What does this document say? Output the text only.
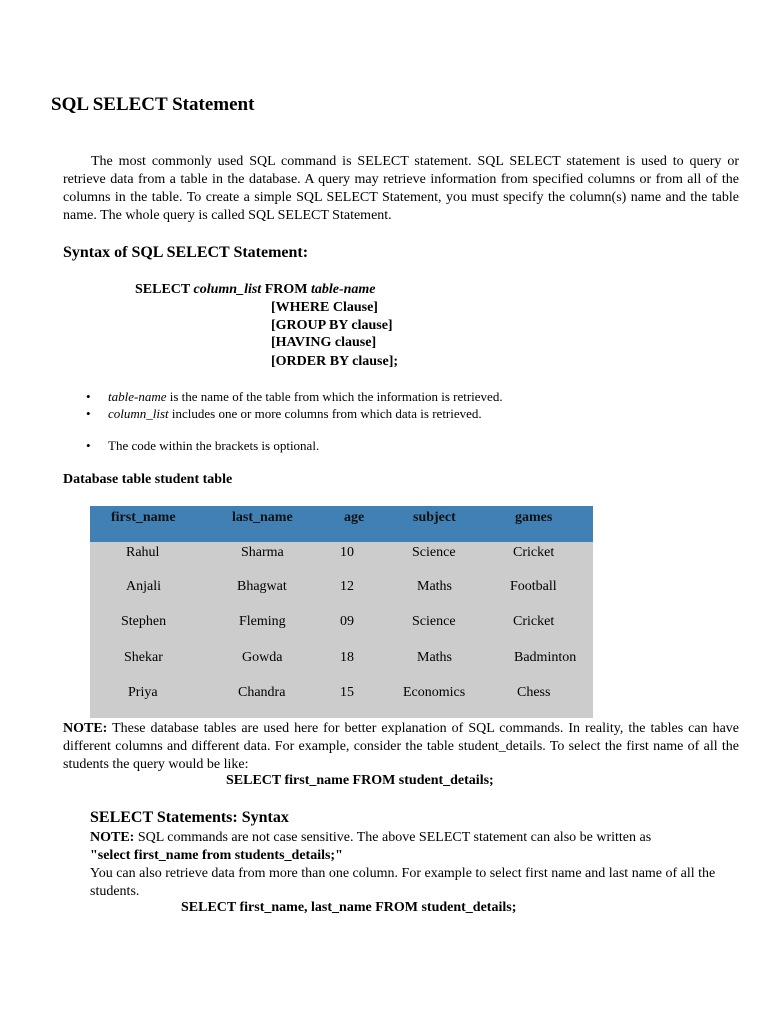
SQL SELECT Statement

The most commonly used SQL command is SELECT statement. SQL SELECT statement is used to query or retrieve data from a table in the database. A query may retrieve information from specified columns or from all of the columns in the table. To create a simple SQL SELECT Statement, you must specify the column(s) name and the table name. The whole query is called SQL SELECT Statement.

Syntax of SQL SELECT Statement:
SELECT column_list FROM table-name
[WHERE Clause]
[GROUP BY clause]
[HAVING clause]
[ORDER BY clause];
• table-name is the name of the table from which the information is retrieved.
• column_list includes one or more columns from which data is retrieved.
• The code within the brackets is optional.
Database table student table
first_name	last_name	age	subject	games
Rahul	Sharma	10	Science	Cricket
Anjali	Bhagwat	12	Maths	Football
Stephen	Fleming	09	Science	Cricket
Shekar	Gowda	18	Maths	Badminton
Priya	Chandra	15	Economics	Chess

NOTE: These database tables are used here for better explanation of SQL commands. In reality, the tables can have different columns and different data. For example, consider the table student_details. To select the first name of all the students the query would be like:

SELECT first_name FROM student_details;
SELECT Statements: Syntax
NOTE: SQL commands are not case sensitive. The above SELECT statement can also be written as
"select first_name from students_details;"
You can also retrieve data from more than one column. For example to select first name and last name of all the students.
SELECT first_name, last_name FROM student_details;
